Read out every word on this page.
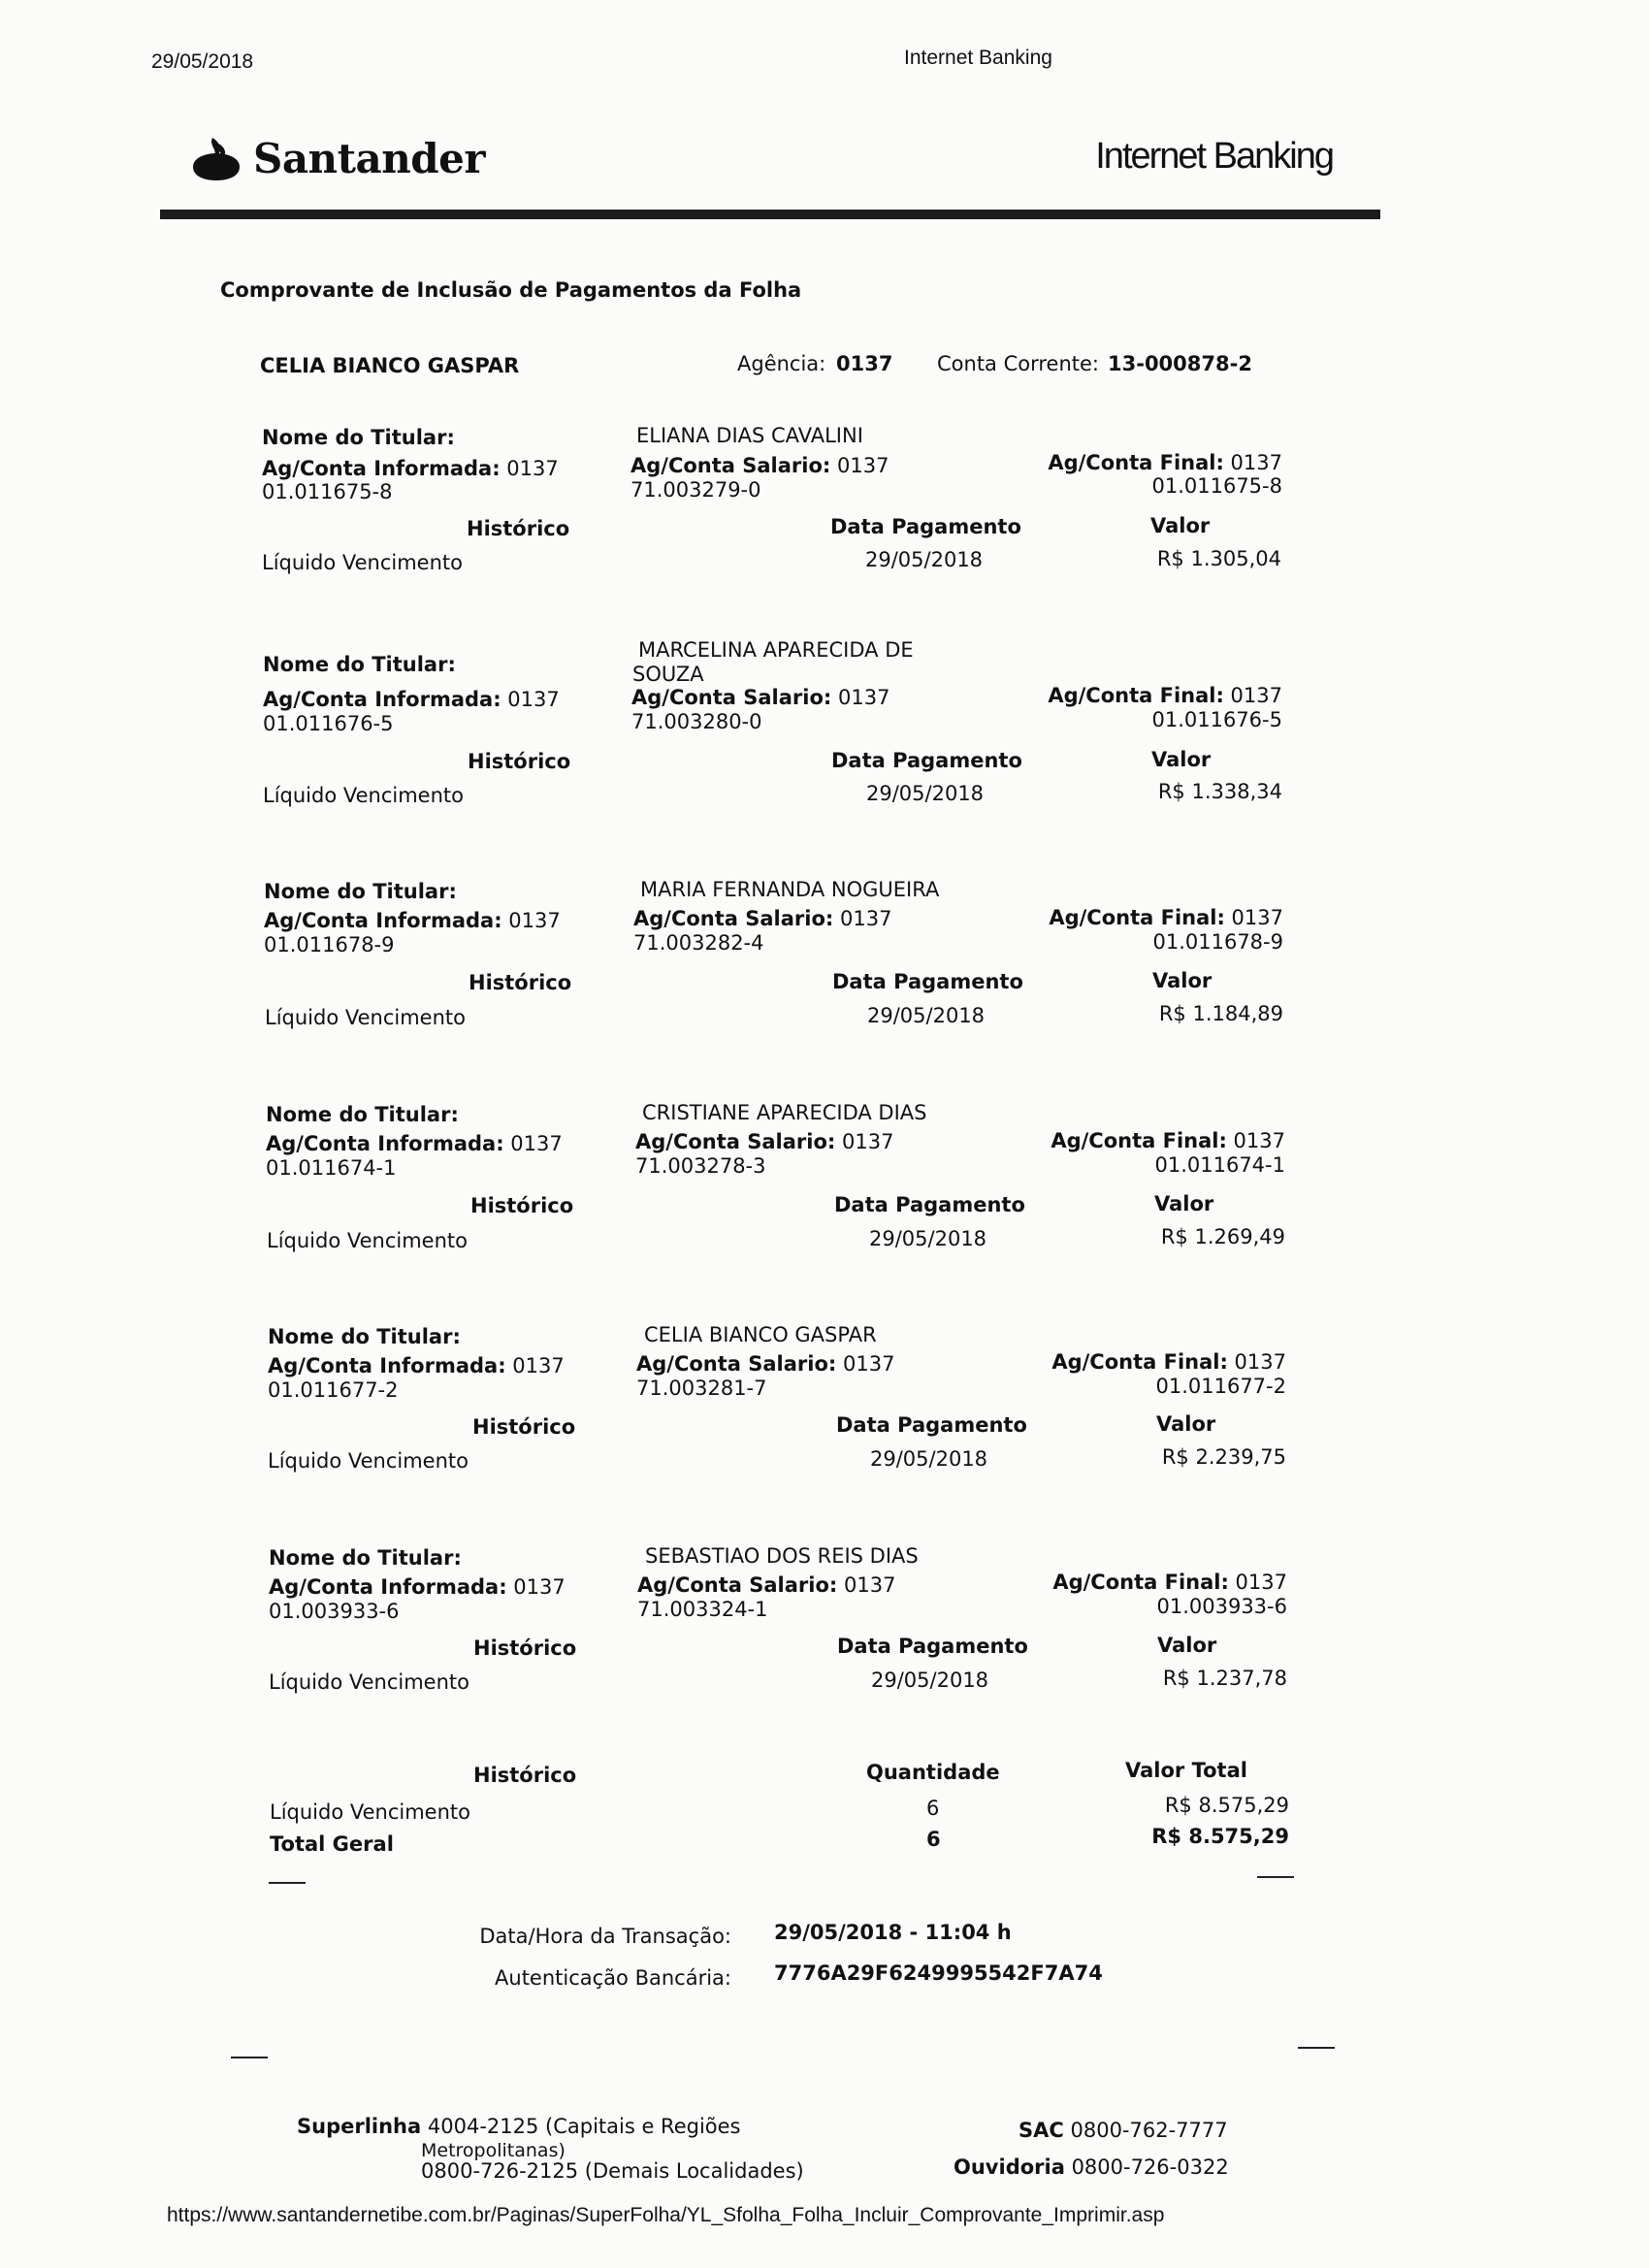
29/05/2018	Internet Banking
Santander	Internet Banking
Comprovante de Inclusão de Pagamentos da Folha
CELIA BIANCO GASPAR	Agência: 0137 Conta Corrente: 13-000878-2
Nome do Titular:	ELIANA DIAS CAVALINI
Ag/Conta Informada: 0137
01.011675-8
Ag/Conta Salario: 0137
71.003279-0
Ag/Conta Final: 0137
01.011675-8
Histórico	Data Pagamento	Valor
Líquido Vencimento	29/05/2018	R$ 1.305,04
Nome do Titular:
MARCELINA APARECIDA DE
SOUZA
Ag/Conta Informada: 0137
01.011676-5
Ag/Conta Salario: 0137
71.003280-0
Ag/Conta Final: 0137
01.011676-5
Histórico	Data Pagamento	Valor
Líquido Vencimento	29/05/2018	R$ 1.338,34
Nome do Titular:	MARIA FERNANDA NOGUEIRA
Ag/Conta Informada: 0137
01.011678-9
Ag/Conta Salario: 0137
71.003282-4
Ag/Conta Final: 0137
01.011678-9
Histórico	Data Pagamento	Valor
Líquido Vencimento	29/05/2018	R$ 1.184,89
Nome do Titular:	CRISTIANE APARECIDA DIAS
Ag/Conta Informada: 0137
01.011674-1
Ag/Conta Salario: 0137
71.003278-3
Ag/Conta Final: 0137
01.011674-1
Histórico	Data Pagamento	Valor
Líquido Vencimento	29/05/2018	R$ 1.269,49
Nome do Titular:	CELIA BIANCO GASPAR
Ag/Conta Informada: 0137
01.011677-2
Ag/Conta Salario: 0137
71.003281-7
Ag/Conta Final: 0137
01.011677-2
Histórico	Data Pagamento	Valor
Líquido Vencimento	29/05/2018	R$ 2.239,75
Nome do Titular:	SEBASTIAO DOS REIS DIAS
Ag/Conta Informada: 0137
01.003933-6
Ag/Conta Salario: 0137
71.003324-1
Ag/Conta Final: 0137
01.003933-6
Histórico	Data Pagamento	Valor
Líquido Vencimento	29/05/2018	R$ 1.237,78
Histórico	Quantidade	Valor Total
Líquido Vencimento	6	R$ 8.575,29
Total Geral	6	R$ 8.575,29
Data/Hora da Transação: 29/05/2018 - 11:04 h
Autenticação Bancária: 7776A29F6249995542F7A74
Superlinha 4004-2125 (Capitais e Regiões
Metropolitanas)
0800-726-2125 (Demais Localidades)
SAC 0800-762-7777
Ouvidoria 0800-726-0322
https://www.santandernetibe.com.br/Paginas/SuperFolha/YL_Sfolha_Folha_Incluir_Comprovante_Imprimir.asp
